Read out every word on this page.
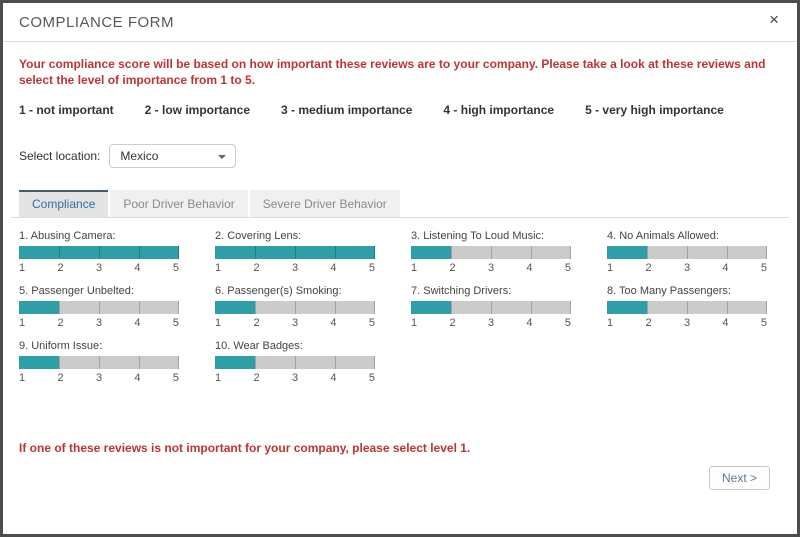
COMPLIANCE FORM	×
Your compliance score will be based on how important these reviews are to your company. Please take a look at these reviews and select the level of importance from 1 to 5.
1 - not important	2 - low importance	3 - medium importance	4 - high importance	5 - very high importance
Select location:	Mexico
Compliance	Poor Driver Behavior	Severe Driver Behavior
1. Abusing Camera:
1	2	3	4	5
2. Covering Lens:
1	2	3	4	5
3. Listening To Loud Music:
1	2	3	4	5
4. No Animals Allowed:
1	2	3	4	5
5. Passenger Unbelted:
1	2	3	4	5
6. Passenger(s) Smoking:
1	2	3	4	5
7. Switching Drivers:
1	2	3	4	5
8. Too Many Passengers:
1	2	3	4	5
9. Uniform Issue:
1	2	3	4	5
10. Wear Badges:
1	2	3	4	5
If one of these reviews is not important for your company, please select level 1.
Next >
